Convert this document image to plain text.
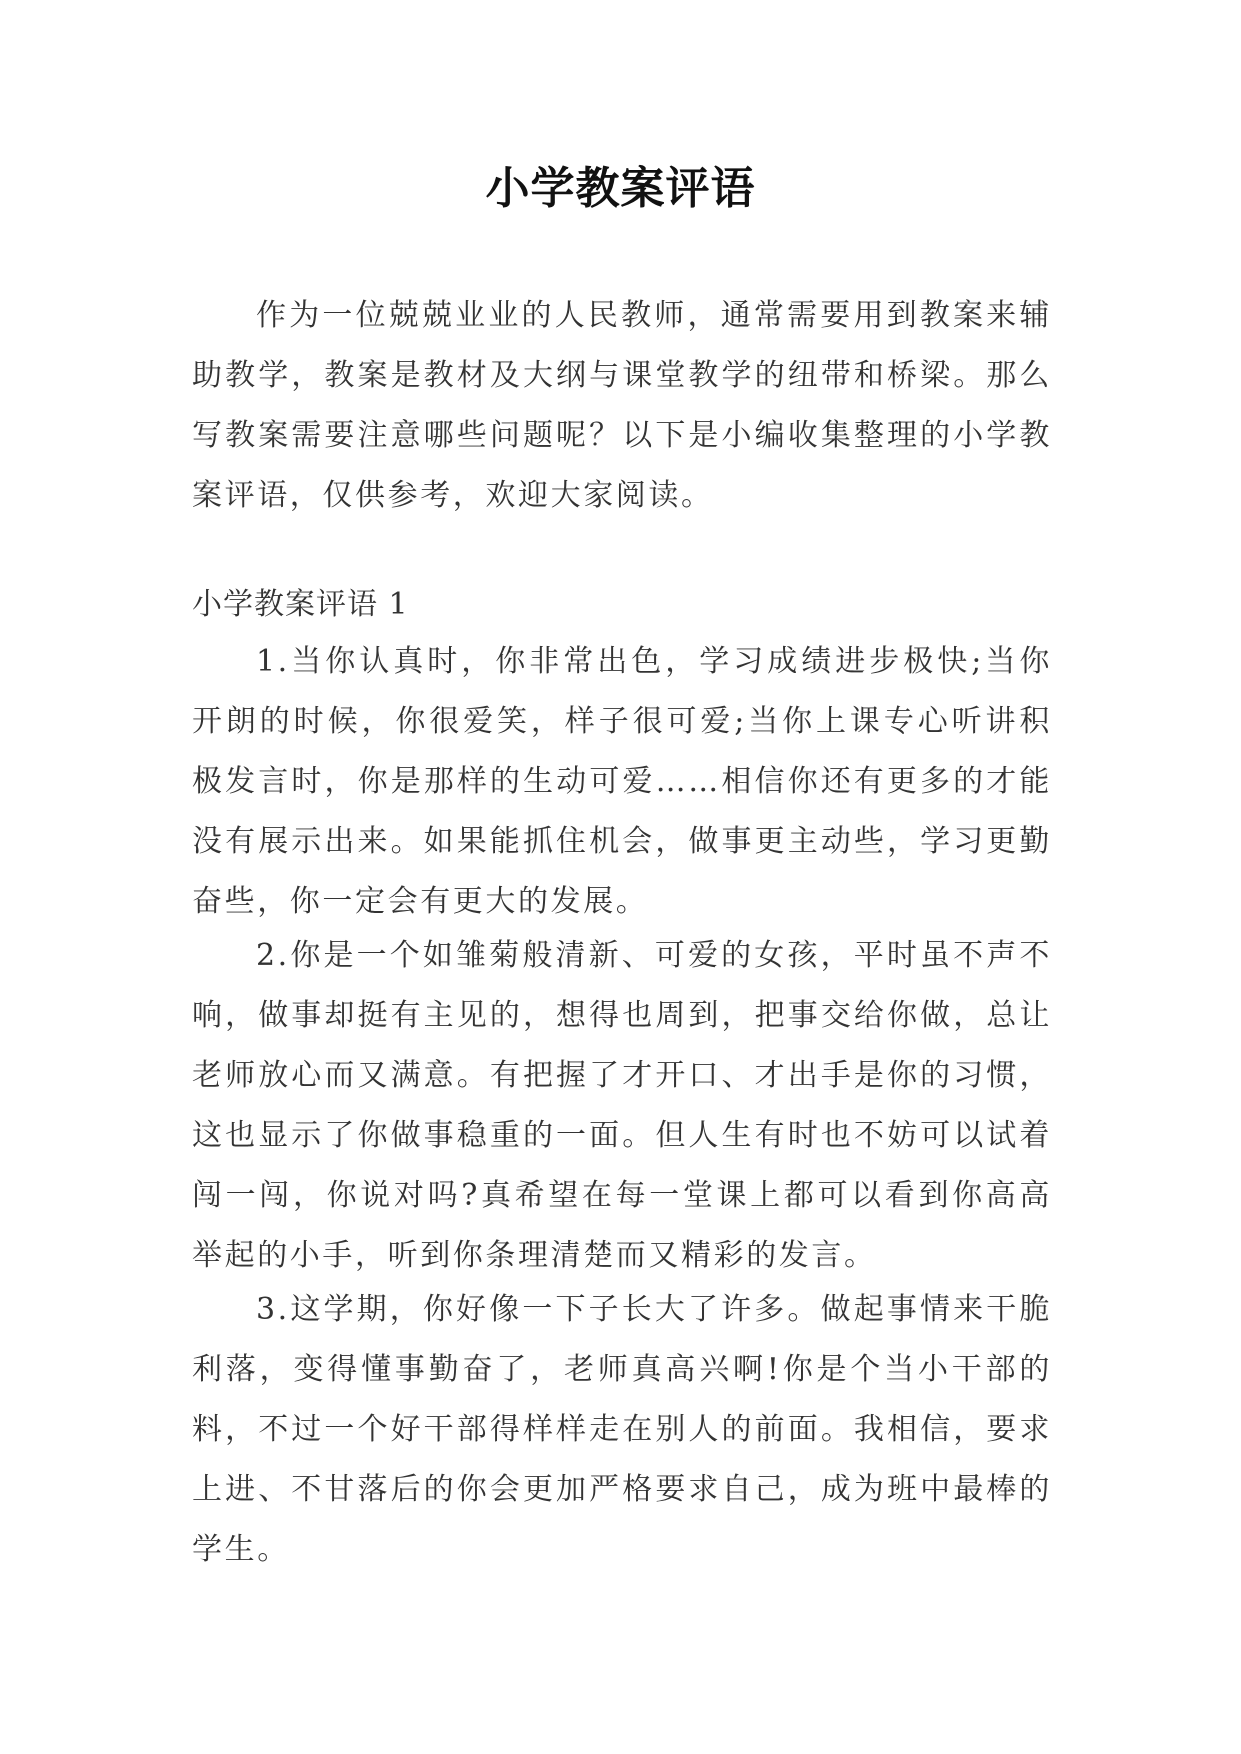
小学教案评语

作为一位兢兢业业的人民教师，通常需要用到教案来辅助教学，教案是教材及大纲与课堂教学的纽带和桥梁。那么写教案需要注意哪些问题呢？以下是小编收集整理的小学教案评语，仅供参考，欢迎大家阅读。

小学教案评语 1

1.当你认真时，你非常出色，学习成绩进步极快;当你开朗的时候，你很爱笑，样子很可爱;当你上课专心听讲积极发言时，你是那样的生动可爱……相信你还有更多的才能没有展示出来。如果能抓住机会，做事更主动些，学习更勤奋些，你一定会有更大的发展。

2.你是一个如雏菊般清新、可爱的女孩，平时虽不声不响，做事却挺有主见的，想得也周到，把事交给你做，总让老师放心而又满意。有把握了才开口、才出手是你的习惯，这也显示了你做事稳重的一面。但人生有时也不妨可以试着闯一闯，你说对吗?真希望在每一堂课上都可以看到你高高举起的小手，听到你条理清楚而又精彩的发言。

3.这学期，你好像一下子长大了许多。做起事情来干脆利落，变得懂事勤奋了，老师真高兴啊!你是个当小干部的料，不过一个好干部得样样走在别人的前面。我相信，要求上进、不甘落后的你会更加严格要求自己，成为班中最棒的学生。
